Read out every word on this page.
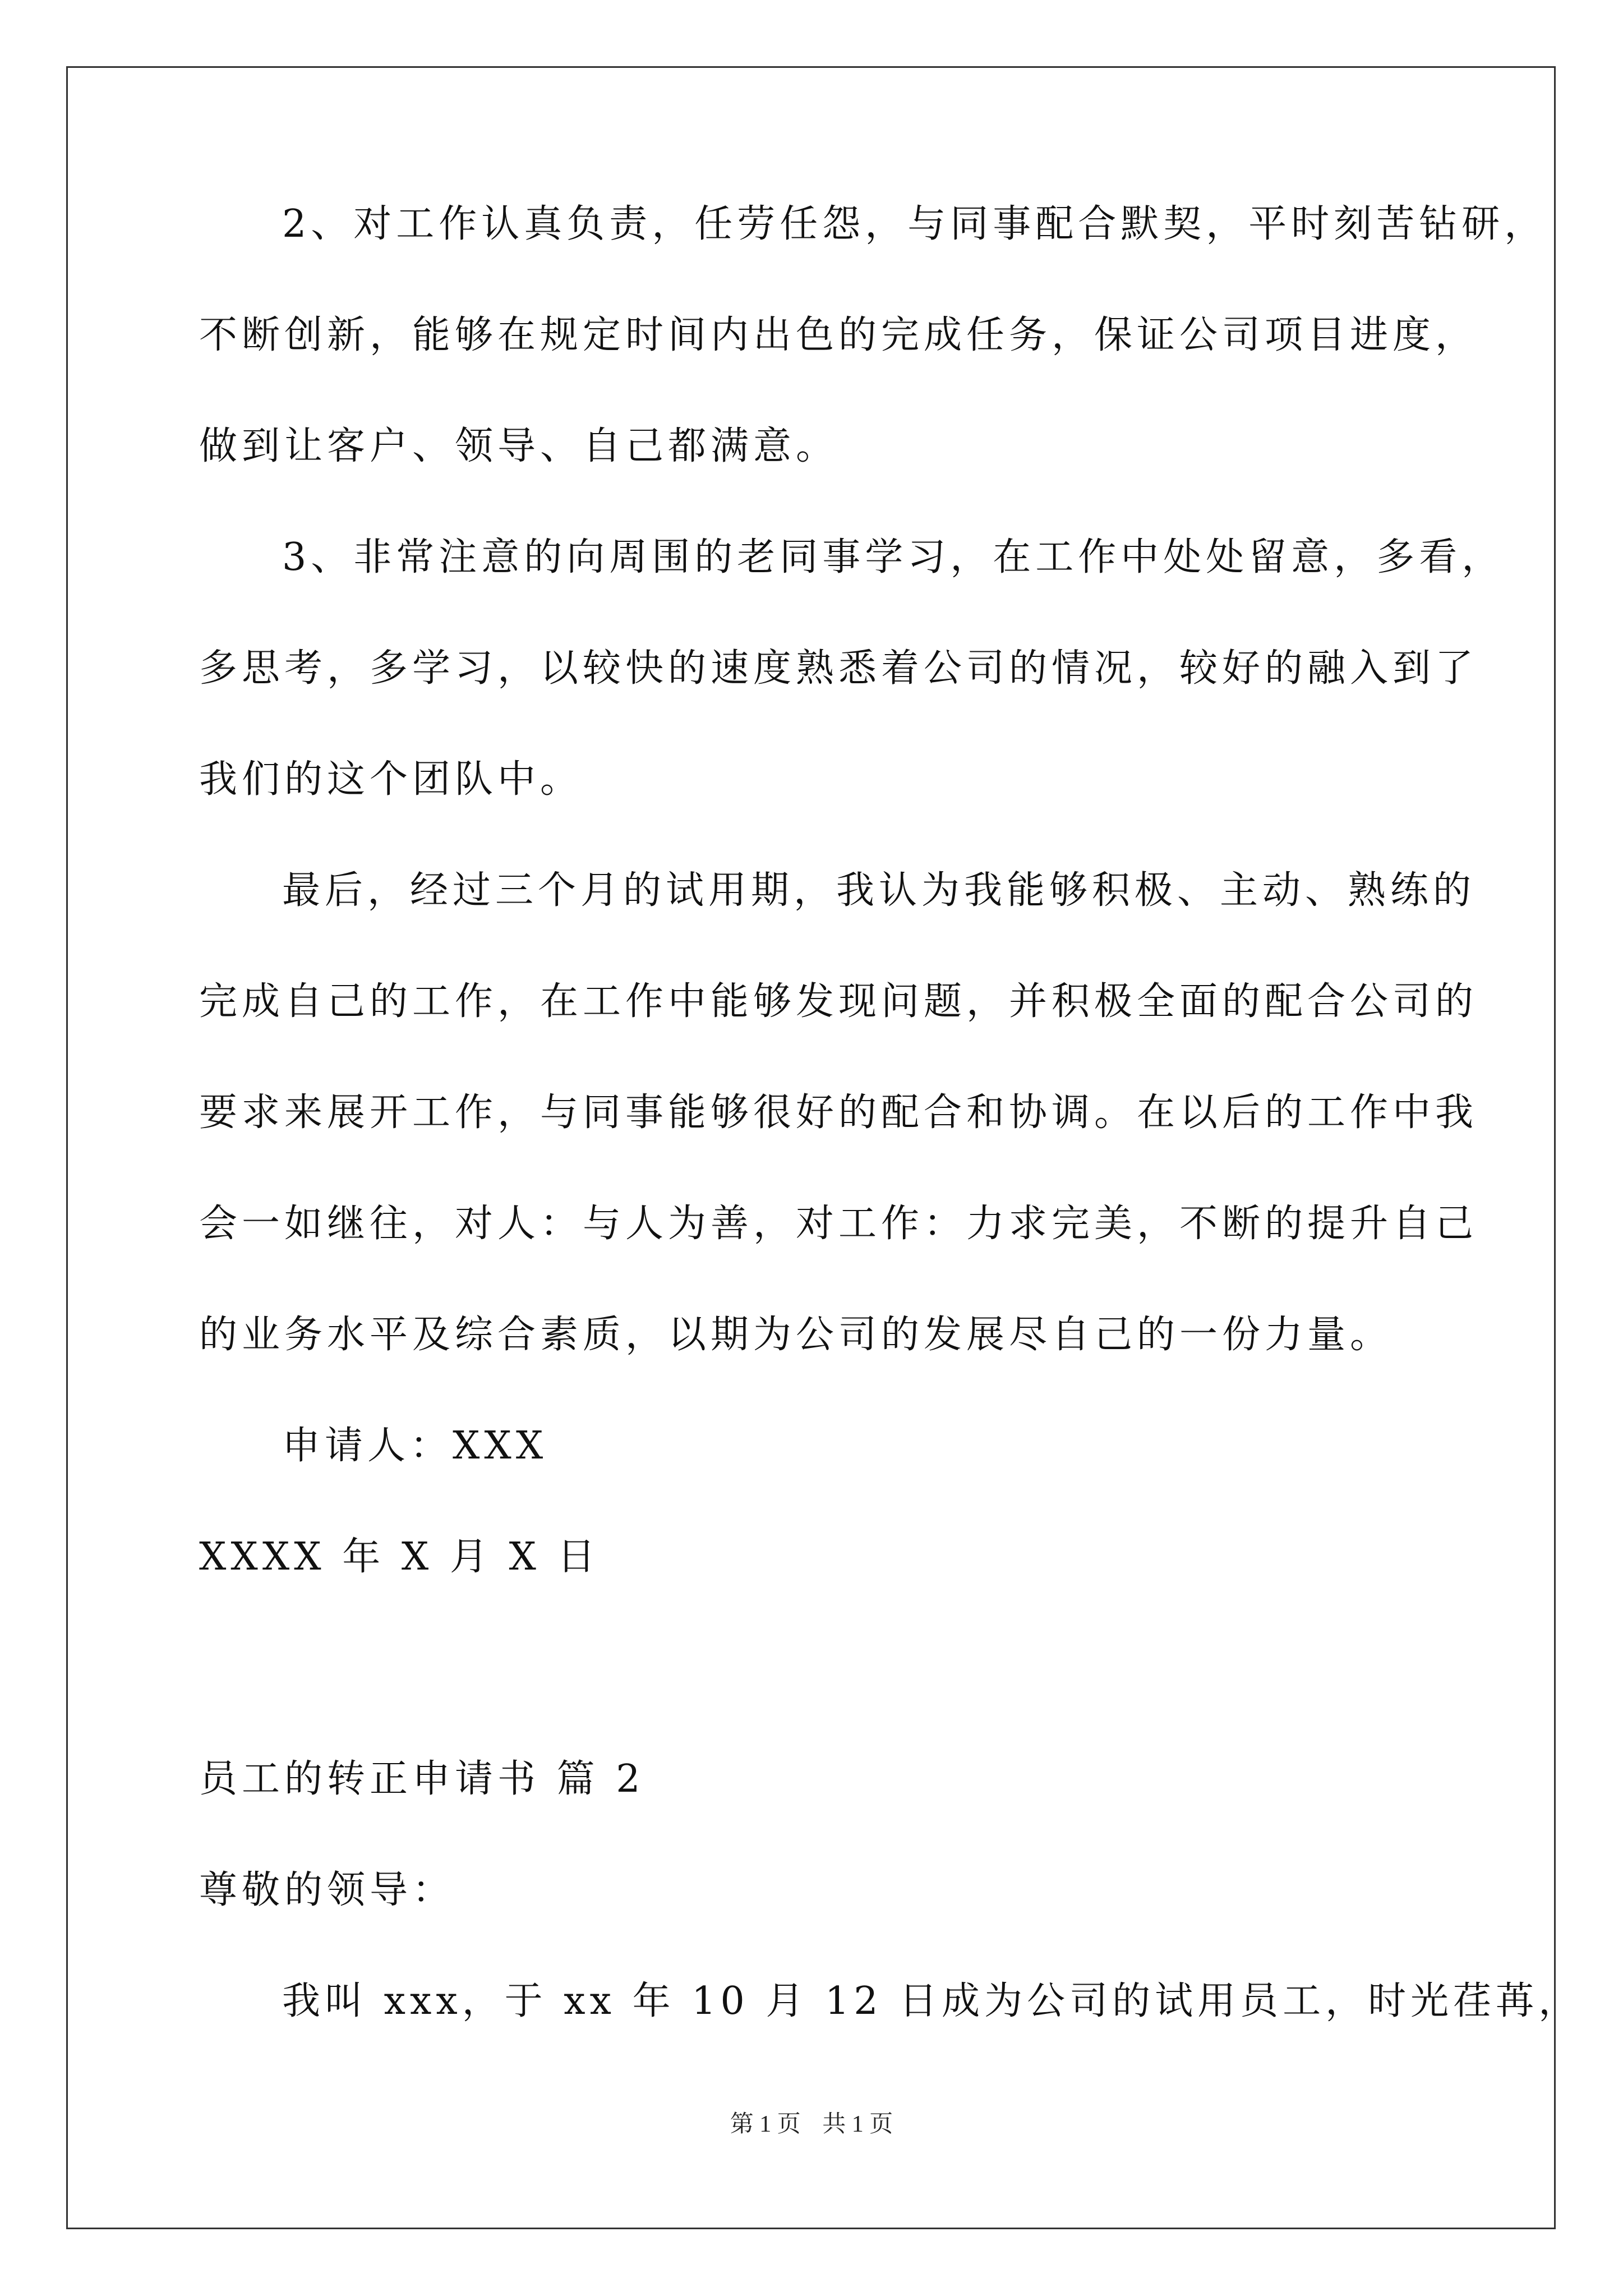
2、对工作认真负责，任劳任怨，与同事配合默契，平时刻苦钻研，
不断创新，能够在规定时间内出色的完成任务，保证公司项目进度，
做到让客户、领导、自己都满意。
3、非常注意的向周围的老同事学习，在工作中处处留意，多看，
多思考，多学习，以较快的速度熟悉着公司的情况，较好的融入到了
我们的这个团队中。
最后，经过三个月的试用期，我认为我能够积极、主动、熟练的
完成自己的工作，在工作中能够发现问题，并积极全面的配合公司的
要求来展开工作，与同事能够很好的配合和协调。在以后的工作中我
会一如继往，对人：与人为善，对工作：力求完美，不断的提升自己
的业务水平及综合素质，以期为公司的发展尽自己的一份力量。
申请人：XXX
XXXX 年 X 月 X 日
员工的转正申请书 篇 2
尊敬的领导：
我叫 xxx，于 xx 年 10 月 12 日成为公司的试用员工，时光荏苒，
第 1 页 共 1 页
